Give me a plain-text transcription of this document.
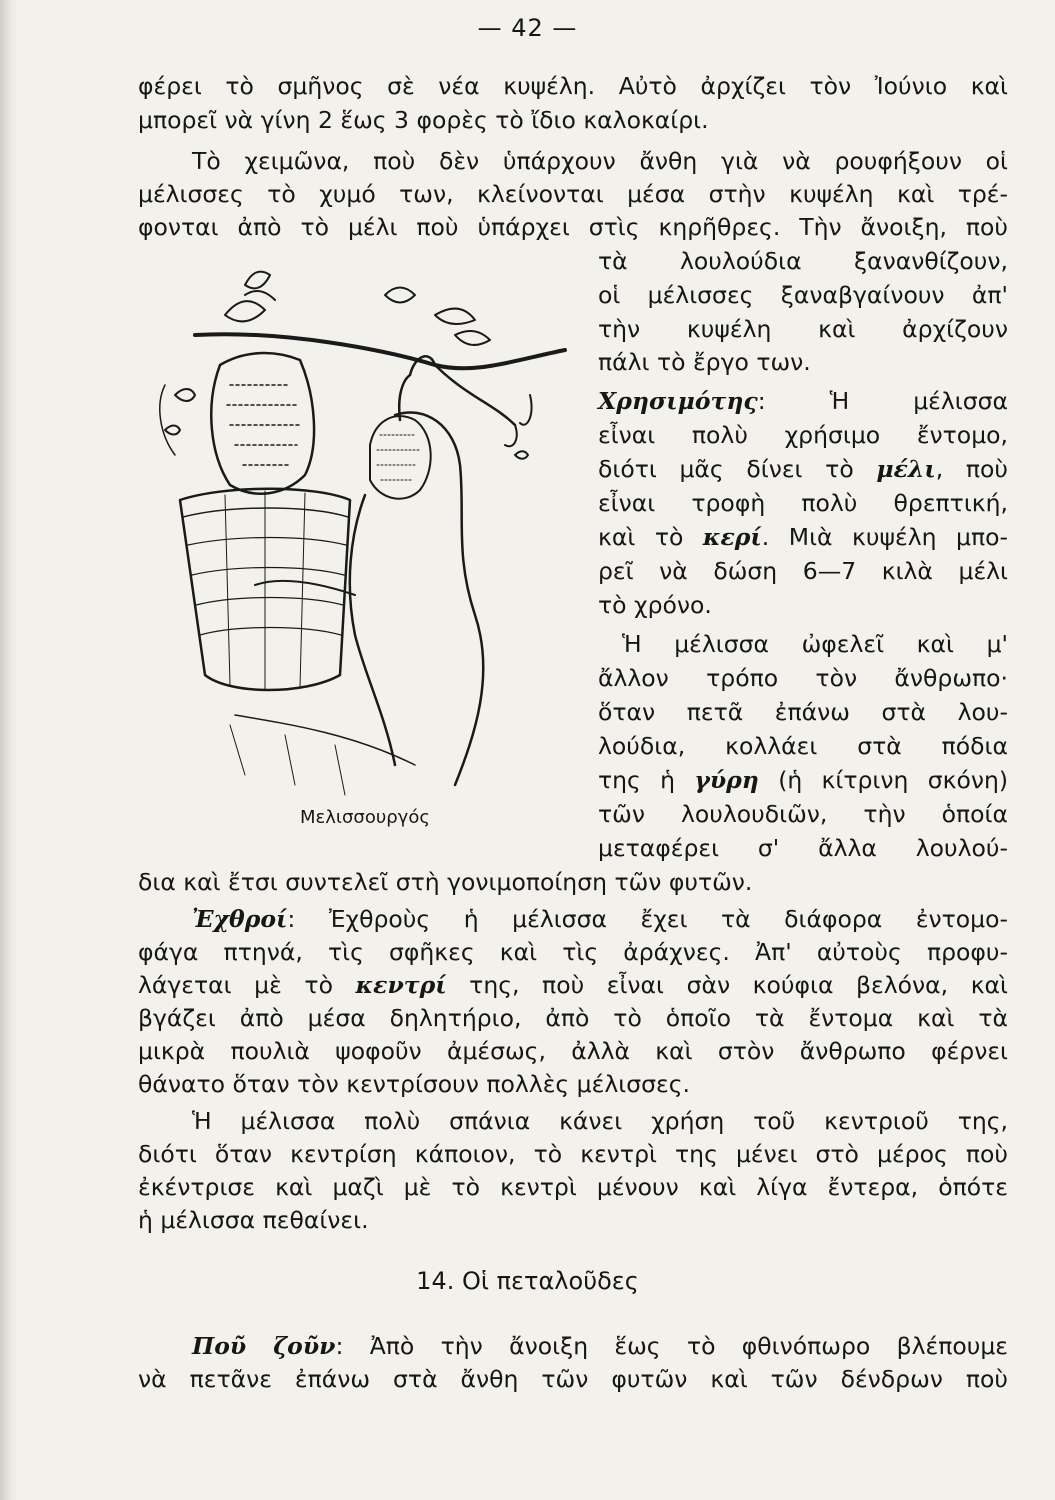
— 42 —
φέρει τὸ σμῆνος σὲ νέα κυψέλη. Αὐτὸ ἀρχίζει τὸν Ἰούνιο καὶ
μπορεῖ νὰ γίνη 2 ἕως 3 φορὲς τὸ ἴδιο καλοκαίρι.
Τὸ χειμῶνα, ποὺ δὲν ὑπάρχουν ἄνθη γιὰ νὰ ρουφήξουν οἱ
μέλισσες τὸ χυμό των, κλείνονται μέσα στὴν κυψέλη καὶ τρέ-
φονται ἀπὸ τὸ μέλι ποὺ ὑπάρχει στὶς κηρῆθρες. Τὴν ἄνοιξη, ποὺ
τὰ λουλούδια ξανανθίζουν,
οἱ μέλισσες ξαναβγαίνουν ἀπ'
τὴν κυψέλη καὶ ἀρχίζουν
πάλι τὸ ἔργο των.
Χρησιμότης: Ἡ μέλισσα
εἶναι πολὺ χρήσιμο ἔντομο,
διότι μᾶς δίνει τὸ μέλι, ποὺ
εἶναι τροφὴ πολὺ θρεπτική,
καὶ τὸ κερί. Μιὰ κυψέλη μπο-
ρεῖ νὰ δώση 6—7 κιλὰ μέλι
τὸ χρόνο.
Ἡ μέλισσα ὠφελεῖ καὶ μ'
ἄλλον τρόπο τὸν ἄνθρωπο·
ὅταν πετᾶ ἐπάνω στὰ λου-
λούδια, κολλάει στὰ πόδια
της ἡ γύρη (ἡ κίτρινη σκόνη)
τῶν λουλουδιῶν, τὴν ὁποία
μεταφέρει σ' ἄλλα λουλού-
δια καὶ ἔτσι συντελεῖ στὴ γονιμοποίηση τῶν φυτῶν.
Ἐχθροί: Ἐχθροὺς ἡ μέλισσα ἔχει τὰ διάφορα ἐντομο-
φάγα πτηνά, τὶς σφῆκες καὶ τὶς ἀράχνες. Ἀπ' αὐτοὺς προφυ-
λάγεται μὲ τὸ κεντρί της, ποὺ εἶναι σὰν κούφια βελόνα, καὶ
βγάζει ἀπὸ μέσα δηλητήριο, ἀπὸ τὸ ὁποῖο τὰ ἔντομα καὶ τὰ
μικρὰ πουλιὰ ψοφοῦν ἀμέσως, ἀλλὰ καὶ στὸν ἄνθρωπο φέρνει
θάνατο ὅταν τὸν κεντρίσουν πολλὲς μέλισσες.
Ἡ μέλισσα πολὺ σπάνια κάνει χρήση τοῦ κεντριοῦ της,
διότι ὅταν κεντρίση κάποιον, τὸ κεντρὶ της μένει στὸ μέρος ποὺ
ἐκέντρισε καὶ μαζὶ μὲ τὸ κεντρὶ μένουν καὶ λίγα ἔντερα, ὁπότε
ἡ μέλισσα πεθαίνει.
14. Οἱ πεταλοῦδες
Ποῦ ζοῦν: Ἀπὸ τὴν ἄνοιξη ἕως τὸ φθινόπωρο βλέπουμε
νὰ πετᾶνε ἐπάνω στὰ ἄνθη τῶν φυτῶν καὶ τῶν δένδρων ποὺ
Μελισσουργός
